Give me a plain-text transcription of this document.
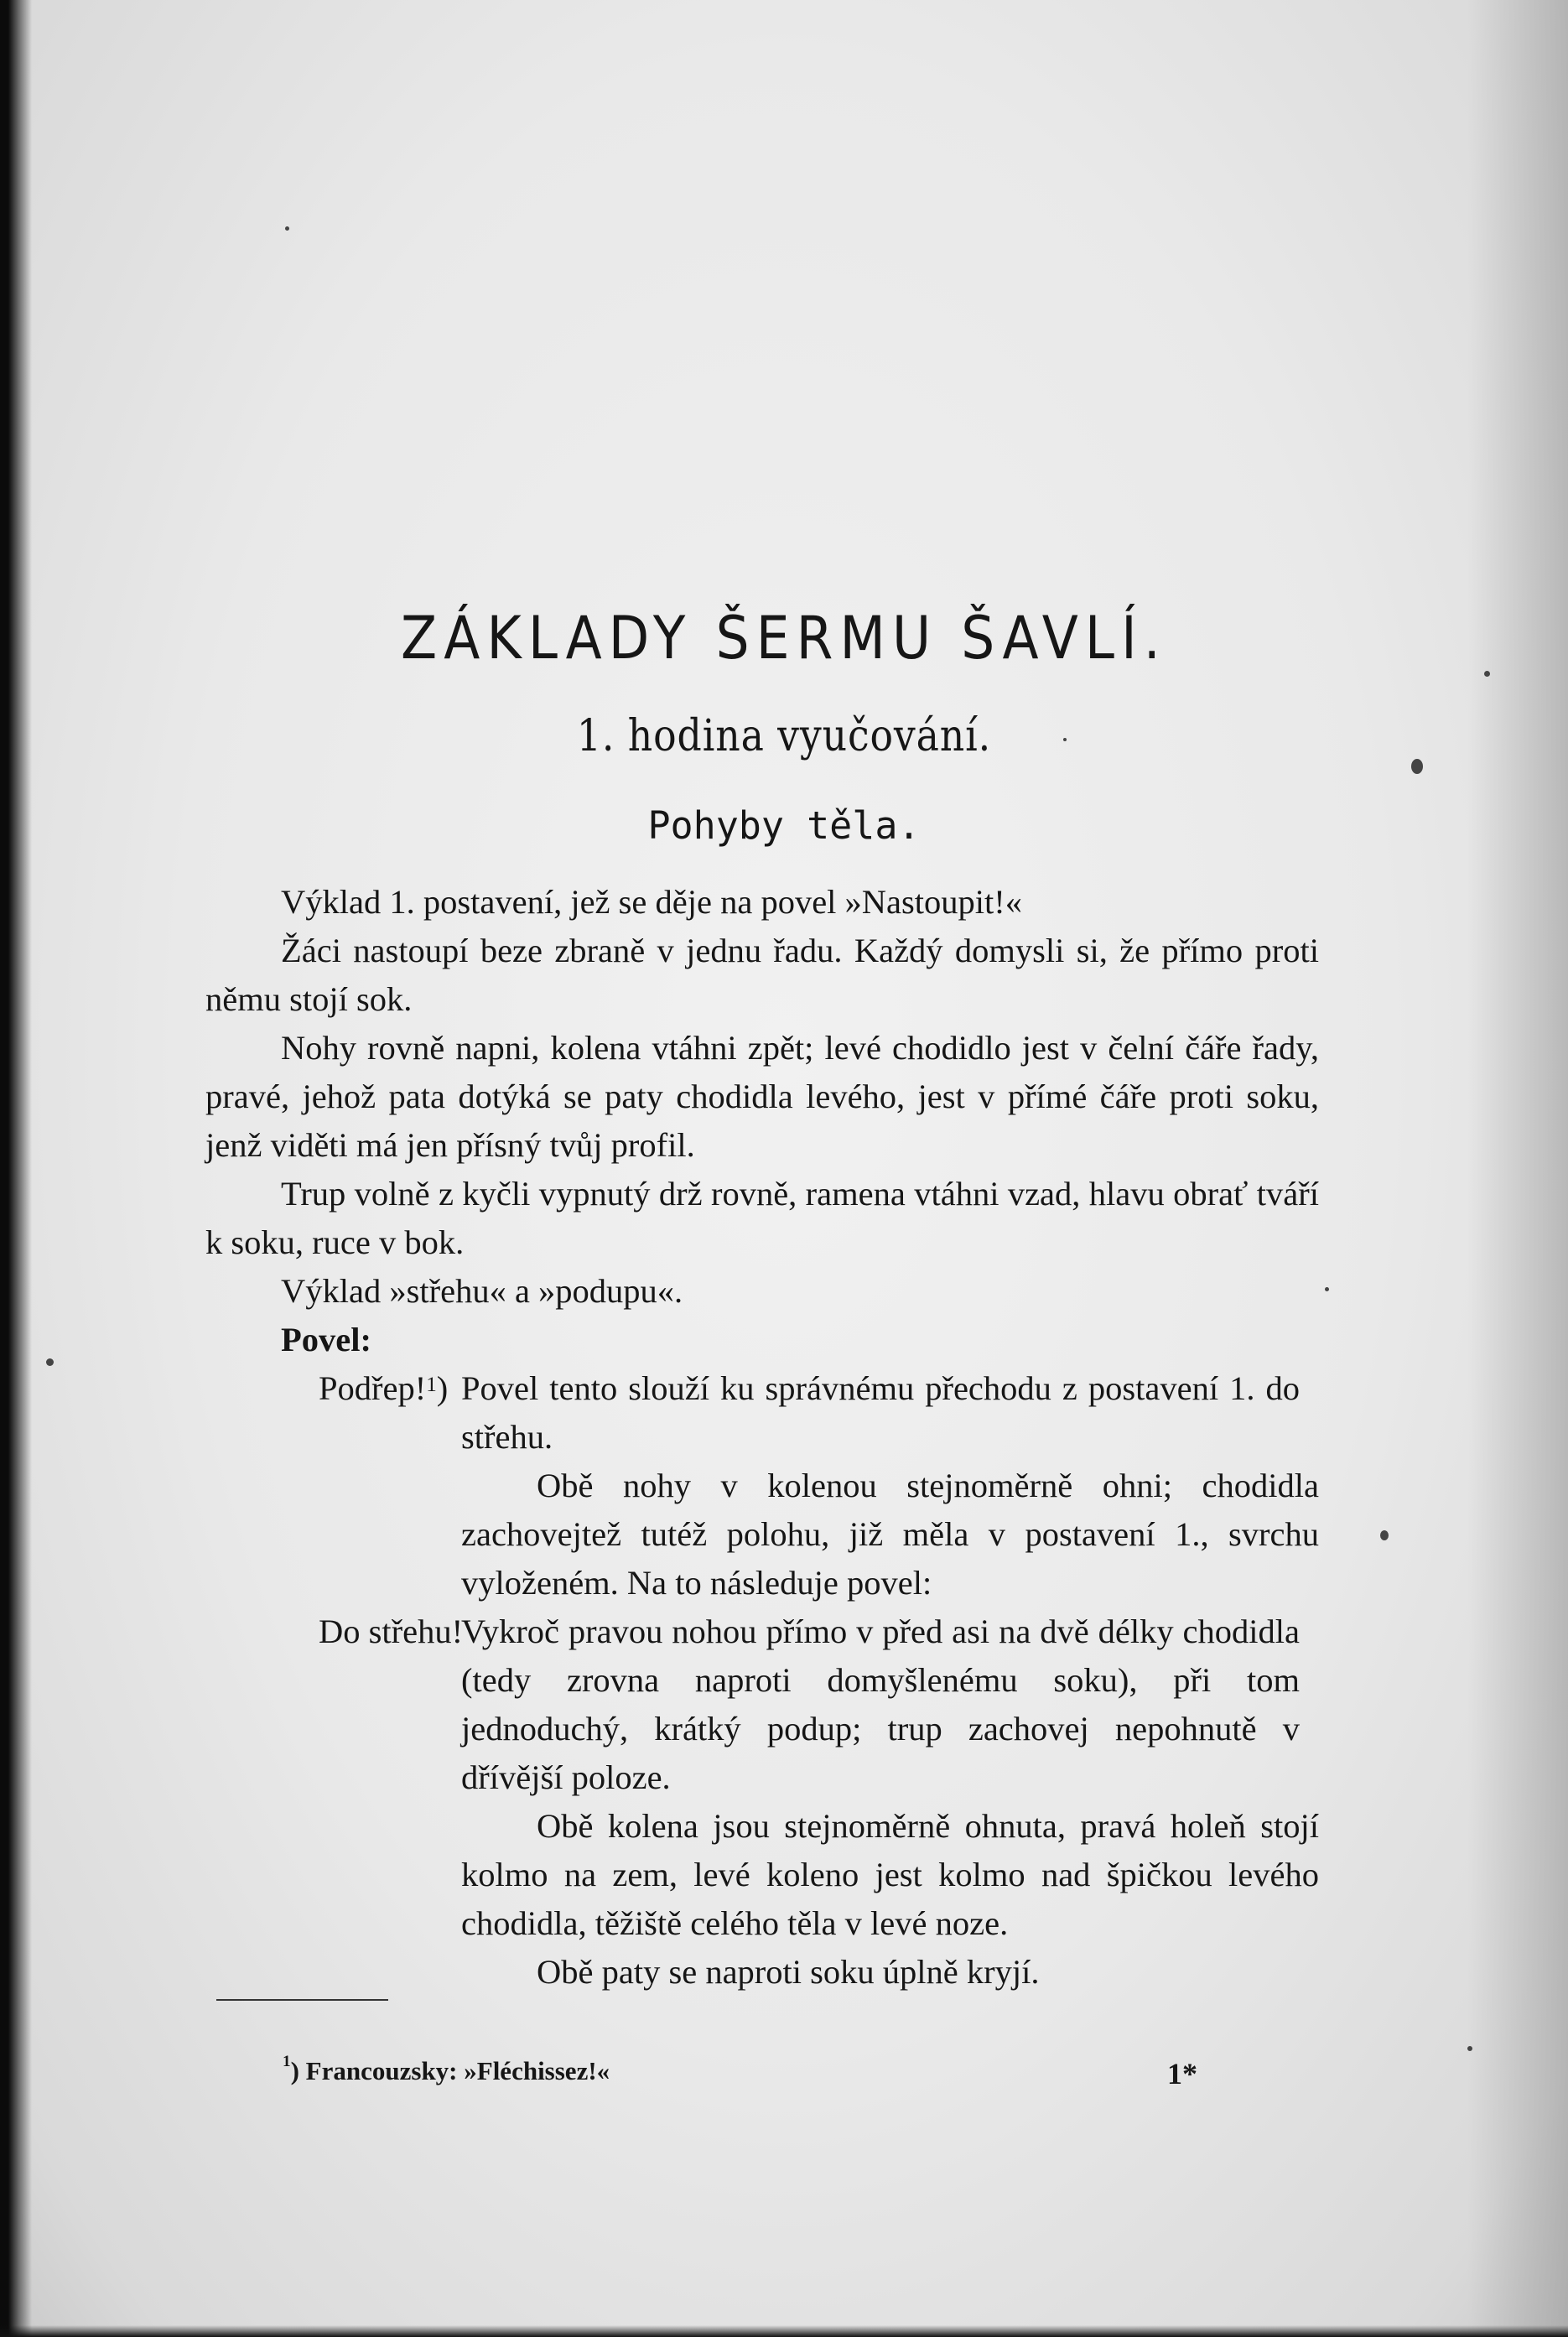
ZÁKLADY ŠERMU ŠAVLÍ.
1. hodina vyučování.
Pohyby těla.

Výklad 1. postavení, jež se děje na povel »Nastoupit!«

Žáci nastoupí beze zbraně v jednu řadu. Každý domysli si, že přímo proti němu stojí sok.

Nohy rovně napni, kolena vtáhni zpět; levé chodidlo jest v čelní čáře řady, pravé, jehož pata dotýká se paty chodidla levého, jest v přímé čáře proti soku, jenž viděti má jen přísný tvůj profil.

Trup volně z kyčli vypnutý drž rovně, ramena vtáhni vzad, hlavu obrať tváří k soku, ruce v bok.

Výklad »střehu« a »podupu«.

Povel:

Podřep!$^1$) Povel tento slouží ku správnému přechodu z postavení 1. do střehu.

Obě nohy v kolenou stejnoměrně ohni; chodidla zachovejtež tutéž polohu, již měla v postavení 1., svrchu vyloženém. Na to následuje povel:

Do střehu!
Vykroč pravou nohou přímo v před asi na dvě délky chodidla (tedy zrovna naproti domyšlenému soku), při tom jednoduchý, krátký podup; trup zachovej nepohnutě v dřívější poloze.

Obě kolena jsou stejnoměrně ohnuta, pravá holeň stojí kolmo na zem, levé koleno jest kolmo nad špičkou levého chodidla, těžiště celého těla v levé noze.

Obě paty se naproti soku úplně kryjí.

$^1$) Francouzsky: »Fléchissez!«	1*
